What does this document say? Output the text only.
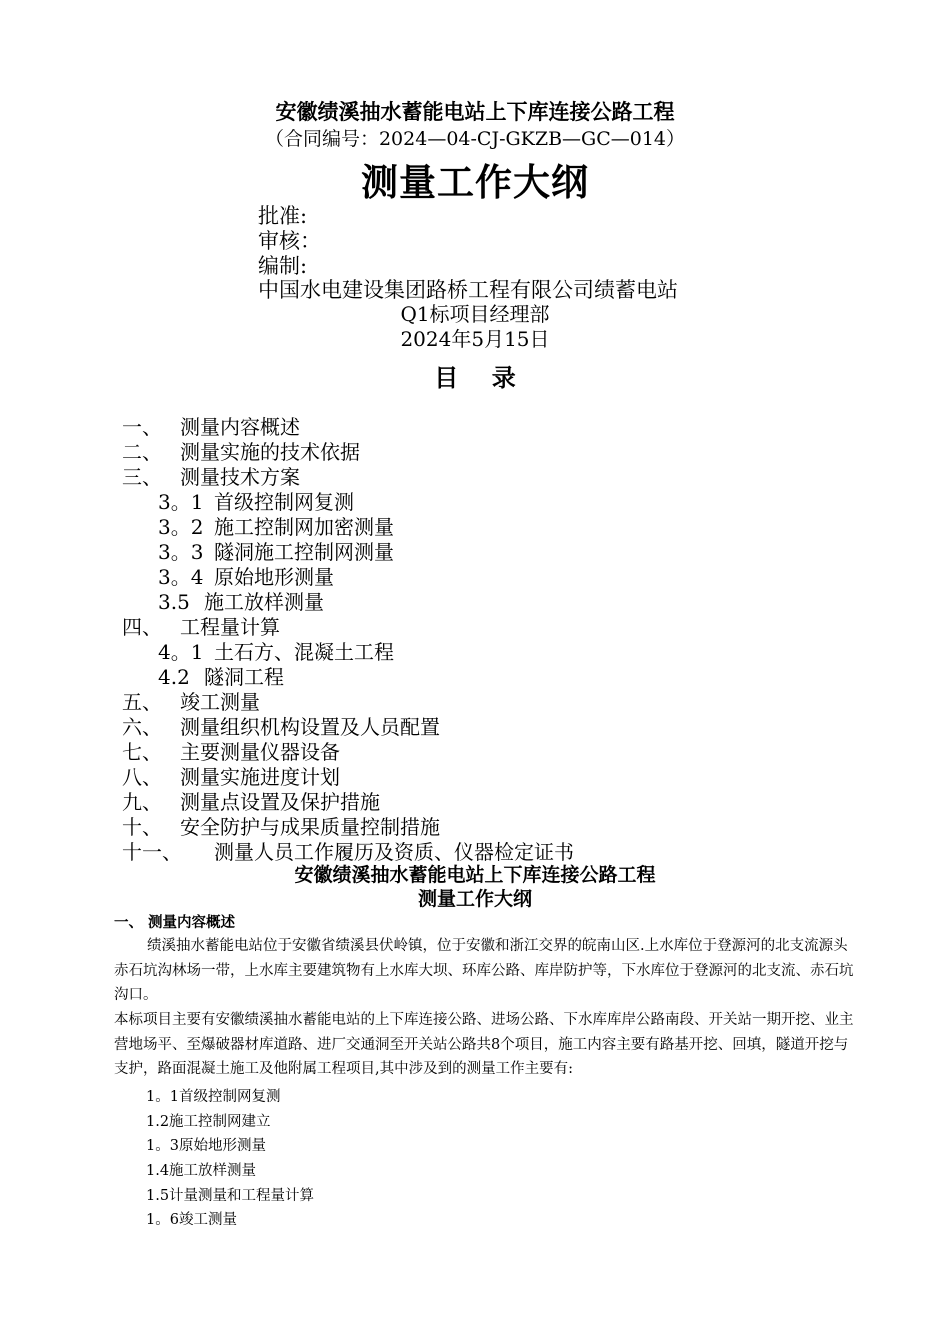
安徽绩溪抽水蓄能电站上下库连接公路工程
（合同编号：2024—04-CJ-GKZB—GC—014）
测量工作大纲
批准:
审核：
编制:
中国水电建设集团路桥工程有限公司绩蓄电站
Q1标项目经理部
2024年5月15日
目    录
一、 测量内容概述
二、 测量实施的技术依据
三、 测量技术方案
3。1 首级控制网复测
3。2 施工控制网加密测量
3。3 隧洞施工控制网测量
3。4 原始地形测量
3.5 施工放样测量
四、 工程量计算
4。1 土石方、混凝土工程
4.2 隧洞工程
五、 竣工测量
六、 测量组织机构设置及人员配置
七、 主要测量仪器设备
八、 测量实施进度计划
九、 测量点设置及保护措施
十、 安全防护与成果质量控制措施
十一、 测量人员工作履历及资质、仪器检定证书
安徽绩溪抽水蓄能电站上下库连接公路工程
测量工作大纲
一、 测量内容概述
绩溪抽水蓄能电站位于安徽省绩溪县伏岭镇，位于安徽和浙江交界的皖南山区.上水库位于登源河的北支流源头赤石坑沟林场一带，上水库主要建筑物有上水库大坝、环库公路、库岸防护等，下水库位于登源河的北支流、赤石坑沟口。
本标项目主要有安徽绩溪抽水蓄能电站的上下库连接公路、进场公路、下水库库岸公路南段、开关站一期开挖、业主营地场平、至爆破器材库道路、进厂交通洞至开关站公路共8个项目，施工内容主要有路基开挖、回填，隧道开挖与支护，路面混凝土施工及他附属工程项目,其中涉及到的测量工作主要有:
1。1首级控制网复测
1.2施工控制网建立
1。3原始地形测量
1.4施工放样测量
1.5计量测量和工程量计算
1。6竣工测量
